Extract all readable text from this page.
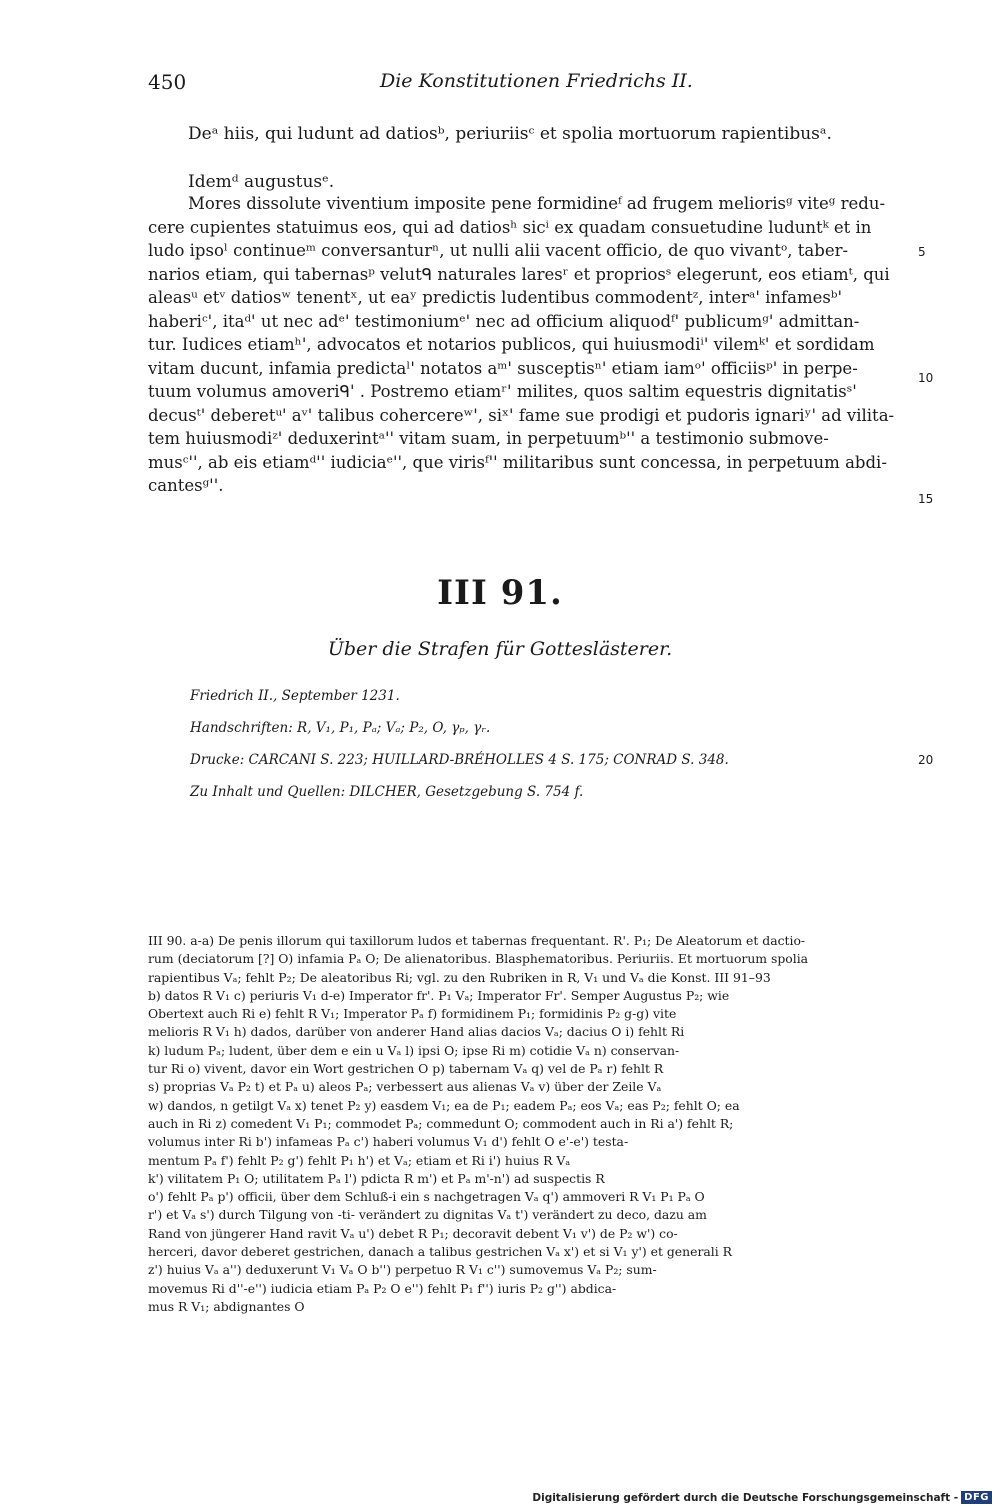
450	Die Konstitutionen Friedrichs II.
Deᵃ hiis, qui ludunt ad datiosᵇ, periuriisᶜ et spolia mortuorum rapientibusᵃ.
Idemᵈ augustusᵉ.
Mores dissolute viventium imposite pene formidineᶠ ad frugem meliorisᵍ viteᵍ redu-
cere cupientes statuimus eos, qui ad datiosʰ sicⁱ ex quadam consuetudine luduntᵏ et in
ludo ipsoˡ continueᵐ conversanturⁿ, ut nulli alii vacent officio, de quo vivantᵒ, taber-
narios etiam, qui tabernasᵖ velutᑫ naturales laresʳ et propriosˢ elegerunt, eos etiamᵗ, qui
aleasᵘ etᵛ datiosʷ tenentˣ, ut eaʸ predictis ludentibus commodentᶻ, interᵃ' infamesᵇ'
haberiᶜ', itaᵈ' ut nec adᵉ' testimoniumᵉ' nec ad officium aliquodᶠ' publicumᵍ' admittan-
tur. Iudices etiamʰ', advocatos et notarios publicos, qui huiusmodiⁱ' vilemᵏ' et sordidam
vitam ducunt, infamia predictaˡ' notatos aᵐ' susceptisⁿ' etiam iamᵒ' officiisᵖ' in perpe-
tuum volumus amoveriᑫ' . Postremo etiamʳ' milites, quos saltim equestris dignitatisˢ'
decusᵗ' deberetᵘ' aᵛ' talibus cohercereʷ', siˣ' fame sue prodigi et pudoris ignariʸ' ad vilita-
tem huiusmodiᶻ' deduxerintᵃ'' vitam suam, in perpetuumᵇ'' a testimonio submove-
musᶜ'', ab eis etiamᵈ'' iudiciaᵉ'', que virisᶠ'' militaribus sunt concessa, in perpetuum abdi-
cantesᵍ''.
5
10
15
20
III 91.
Über die Strafen für Gotteslästerer.
Friedrich II., September 1231.
Handschriften: R, V₁, P₁, Pₐ; Vₐ; P₂, O, γₚ, γᵣ.
Drucke: CARCANI S. 223; HUILLARD-BRÉHOLLES 4 S. 175; CONRAD S. 348.
Zu Inhalt und Quellen: DILCHER, Gesetzgebung S. 754 f.
III 90. a-a) De penis illorum qui taxillorum ludos et tabernas frequentant. R'. P₁; De Aleatorum et dactio-
rum (deciatorum [?] O) infamia Pₐ O; De alienatoribus. Blasphematoribus. Periuriis. Et mortuorum spolia
rapientibus Vₐ; fehlt P₂; De aleatoribus Ri; vgl. zu den Rubriken in R, V₁ und Vₐ die Konst. III 91–93
b) datos R V₁ c) periuris V₁ d-e) Imperator fr'. P₁ Vₐ; Imperator Fr'. Semper Augustus P₂; wie
Obertext auch Ri e) fehlt R V₁; Imperator Pₐ f) formidinem P₁; formidinis P₂ g-g) vite
melioris R V₁ h) dados, darüber von anderer Hand alias dacios Vₐ; dacius O i) fehlt Ri
k) ludum Pₐ; ludent, über dem e ein u Vₐ l) ipsi O; ipse Ri m) cotidie Vₐ n) conservan-
tur Ri o) vivent, davor ein Wort gestrichen O p) tabernam Vₐ q) vel de Pₐ r) fehlt R
s) proprias Vₐ P₂ t) et Pₐ u) aleos Pₐ; verbessert aus alienas Vₐ v) über der Zeile Vₐ
w) dandos, n getilgt Vₐ x) tenet P₂ y) easdem V₁; ea de P₁; eadem Pₐ; eos Vₐ; eas P₂; fehlt O; ea
auch in Ri z) comedent V₁ P₁; commodet Pₐ; commedunt O; commodent auch in Ri a') fehlt R;
volumus inter Ri b') infameas Pₐ c') haberi volumus V₁ d') fehlt O e'-e') testa-
mentum Pₐ f') fehlt P₂ g') fehlt P₁ h') et Vₐ; etiam et Ri i') huius R Vₐ
k') vilitatem P₁ O; utilitatem Pₐ l') pdicta R m') et Pₐ m'-n') ad suspectis R
o') fehlt Pₐ p') officii, über dem Schluß-i ein s nachgetragen Vₐ q') ammoveri R V₁ P₁ Pₐ O
r') et Vₐ s') durch Tilgung von -ti- verändert zu dignitas Vₐ t') verändert zu deco, dazu am
Rand von jüngerer Hand ravit Vₐ u') debet R P₁; decoravit debent V₁ v') de P₂ w') co-
herceri, davor deberet gestrichen, danach a talibus gestrichen Vₐ x') et si V₁ y') et generali R
z') huius Vₐ a'') deduxerunt V₁ Vₐ O b'') perpetuo R V₁ c'') sumovemus Vₐ P₂; sum-
movemus Ri d''-e'') iudicia etiam Pₐ P₂ O e'') fehlt P₁ f'') iuris P₂ g'') abdica-
mus R V₁; abdignantes O
Digitalisierung gefördert durch die Deutsche Forschungsgemeinschaft - DFG
